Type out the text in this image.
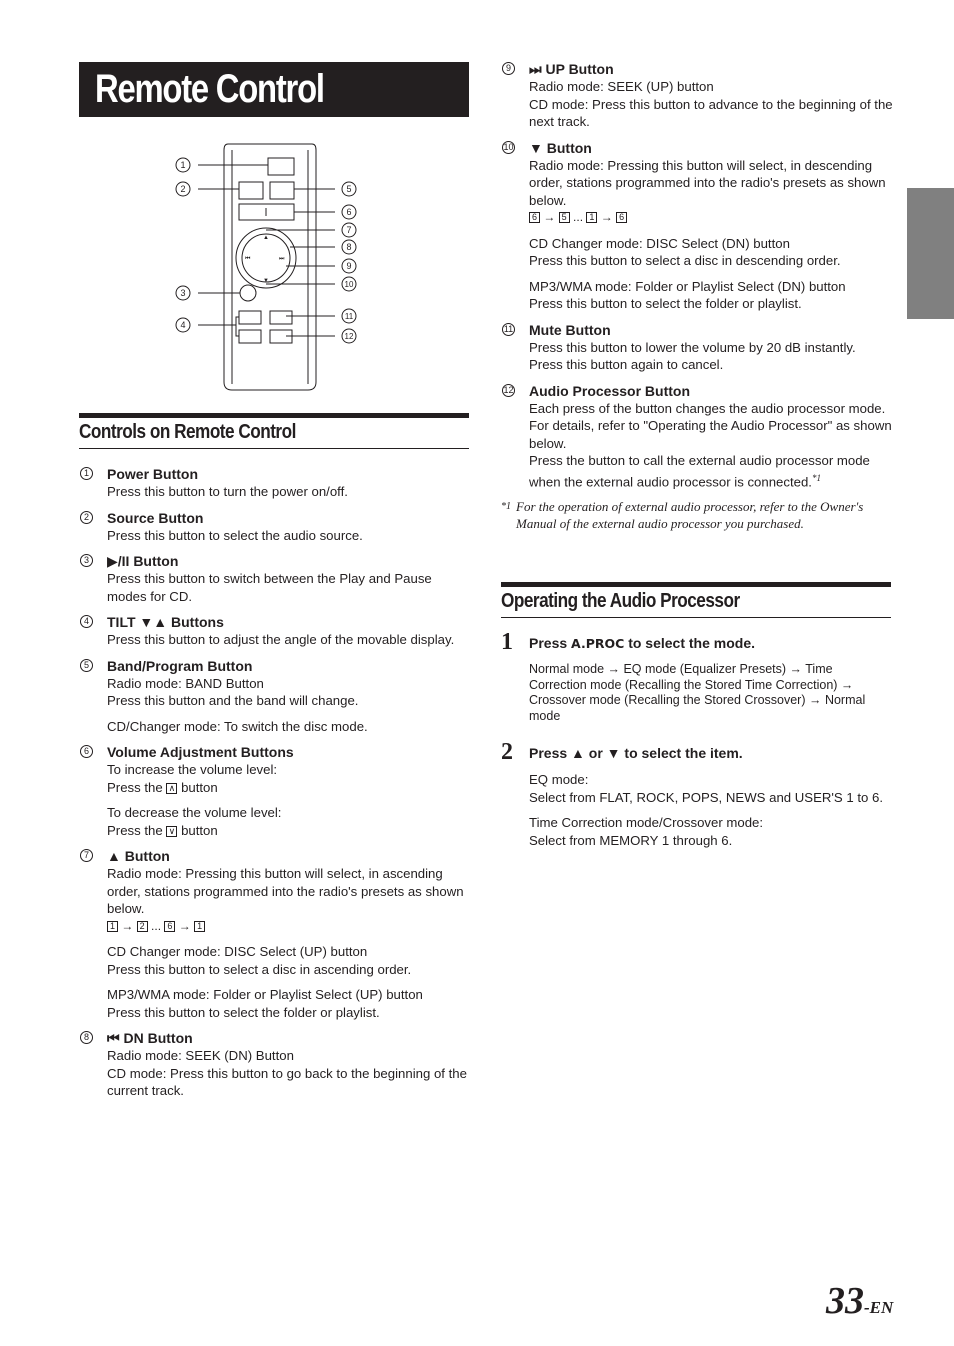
Remote Control
▲
▼
⏮	⏭
1
2
3
4
5
6
7
8
9
10
11
12
Controls on Remote Control
1 Power Button

Press this button to turn the power on/off.

2 Source Button

Press this button to select the audio source.

3 ▶/II Button

Press this button to switch between the Play and Pause modes for CD.

4 TILT ▼▲ Buttons

Press this button to adjust the angle of the movable display.

5 Band/Program Button

Radio mode: BAND Button

Press this button and the band will change.

CD/Changer mode: To switch the disc mode.

6 Volume Adjustment Buttons

To increase the volume level:

Press the ∧ button

To decrease the volume level:

Press the ∨ button

7 ▲ Button

Radio mode: Pressing this button will select, in ascending order, stations programmed into the radio's presets as shown below.

1 → 2 ... 6 → 1

CD Changer mode: DISC Select (UP) button

Press this button to select a disc in ascending order.

MP3/WMA mode: Folder or Playlist Select (UP) button

Press this button to select the folder or playlist.

8 ⏮ DN Button

Radio mode: SEEK (DN) Button

CD mode: Press this button to go back to the beginning of the current track.

9 ⏭ UP Button

Radio mode: SEEK (UP) button

CD mode: Press this button to advance to the beginning of the next track.

10 ▼ Button

Radio mode: Pressing this button will select, in descending order, stations programmed into the radio's presets as shown below.

6 → 5 ... 1 → 6

CD Changer mode: DISC Select (DN) button

Press this button to select a disc in descending order.

MP3/WMA mode: Folder or Playlist Select (DN) button

Press this button to select the folder or playlist.

11 Mute Button

Press this button to lower the volume by 20 dB instantly.

Press this button again to cancel.

12 Audio Processor Button

Each press of the button changes the audio processor mode.

For details, refer to "Operating the Audio Processor" as shown below.

Press the button to call the external audio processor mode when the external audio processor is connected.$^{*1}$

*1 For the operation of external audio processor, refer to the Owner's Manual of the external audio processor you purchased.
Operating the Audio Processor
1 Press A.PROC to select the mode.

Normal mode → EQ mode (Equalizer Presets) → Time Correction mode (Recalling the Stored Time Correction) → Crossover mode (Recalling the Stored Crossover) → Normal mode

2 Press ▲ or ▼ to select the item.

EQ mode:

Select from FLAT, ROCK, POPS, NEWS and USER'S 1 to 6.

Time Correction mode/Crossover mode:

Select from MEMORY 1 through 6.

33-EN
